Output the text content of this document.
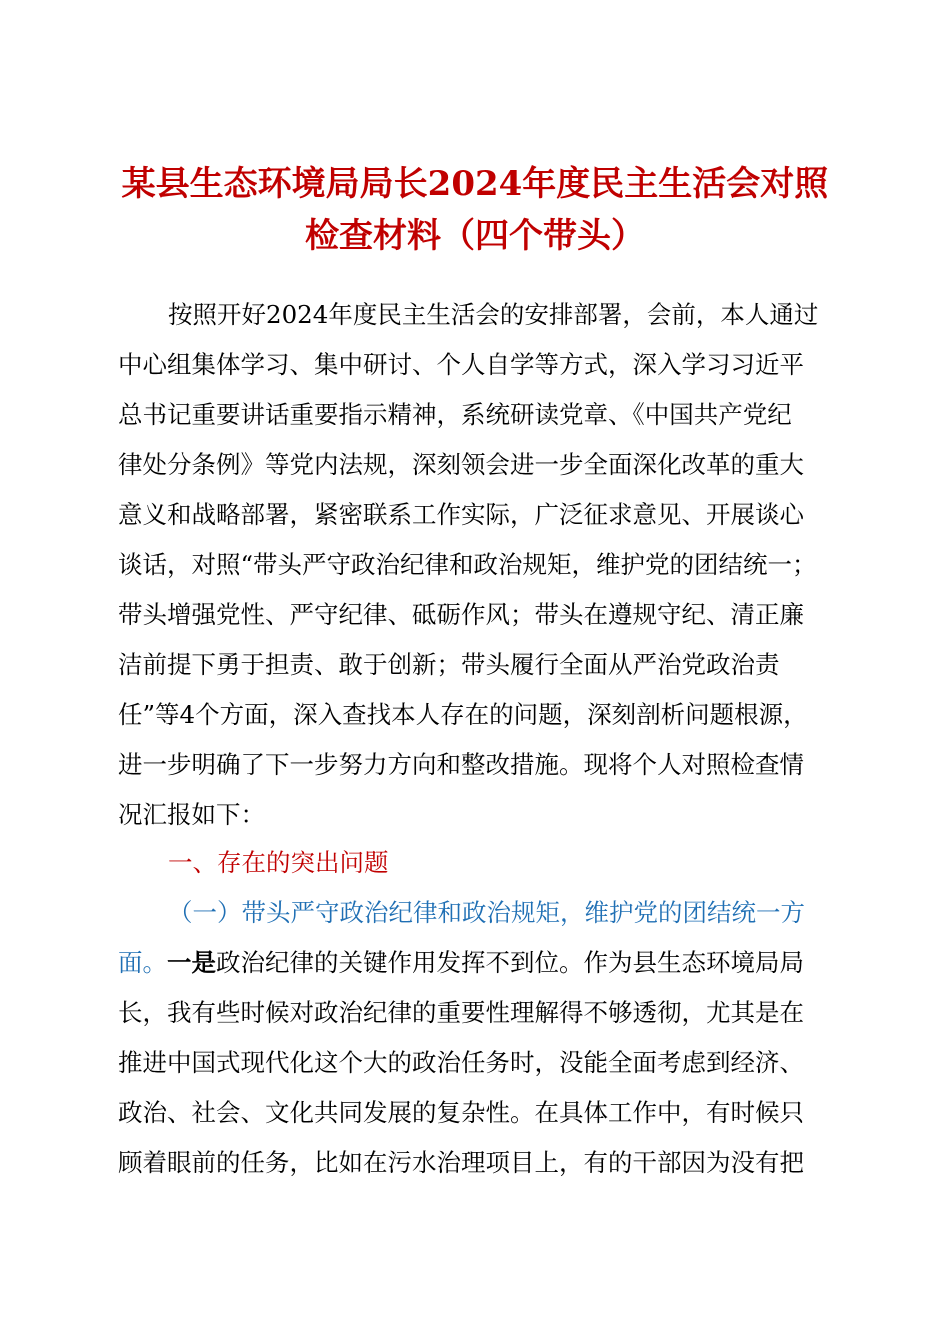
某县生态环境局局长2024年度民主生活会对照
检查材料（四个带头）
按照开好2024年度民主生活会的安排部署，会前，本人通过
中心组集体学习、集中研讨、个人自学等方式，深入学习习近平
总书记重要讲话重要指示精神，系统研读党章、《中国共产党纪
律处分条例》等党内法规，深刻领会进一步全面深化改革的重大
意义和战略部署，紧密联系工作实际，广泛征求意见、开展谈心
谈话，对照“带头严守政治纪律和政治规矩，维护党的团结统一；
带头增强党性、严守纪律、砥砺作风；带头在遵规守纪、清正廉
洁前提下勇于担责、敢于创新；带头履行全面从严治党政治责
任”等4个方面，深入查找本人存在的问题，深刻剖析问题根源，
进一步明确了下一步努力方向和整改措施。现将个人对照检查情
况汇报如下：
一、存在的突出问题
（一）带头严守政治纪律和政治规矩，维护党的团结统一方
面。一是政治纪律的关键作用发挥不到位。作为县生态环境局局
长，我有些时候对政治纪律的重要性理解得不够透彻，尤其是在
推进中国式现代化这个大的政治任务时，没能全面考虑到经济、
政治、社会、文化共同发展的复杂性。在具体工作中，有时候只
顾着眼前的任务，比如在污水治理项目上，有的干部因为没有把
